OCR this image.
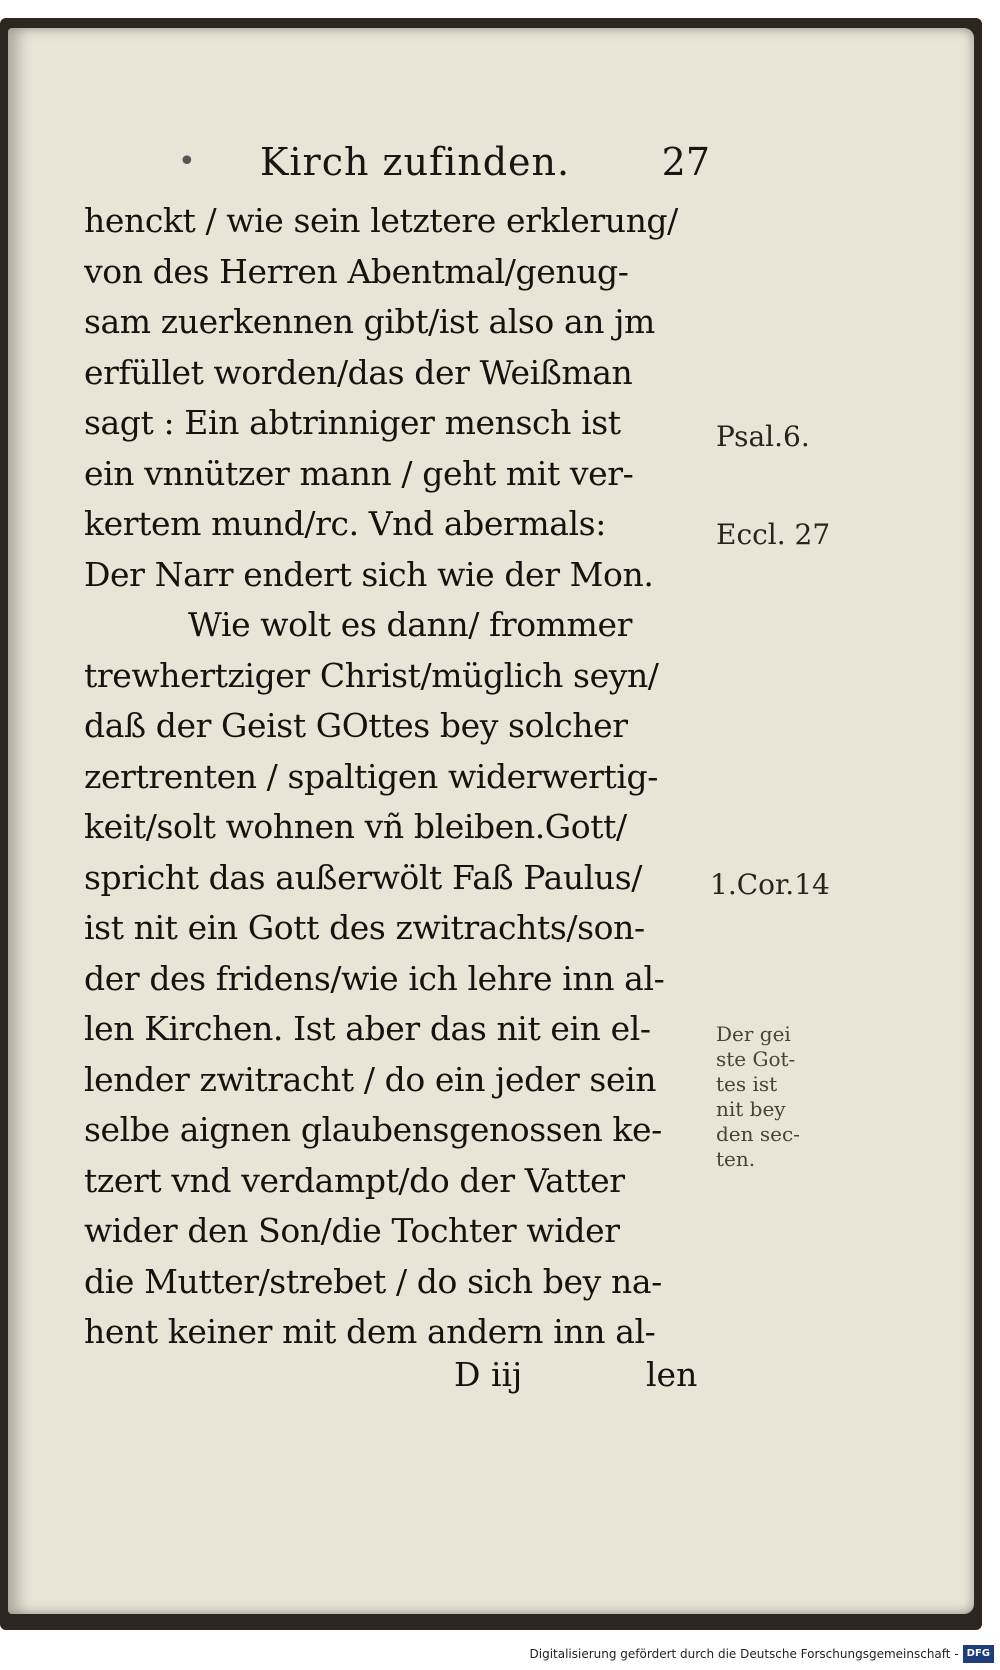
• Kirch zufinden. 27
henckt / wie sein letztere erklerung/
von des Herren Abentmal/genug-
sam zuerkennen gibt/ist also an jm
erfüllet worden/das der Weißman
sagt : Ein abtrinniger mensch ist
ein vnnützer mann / geht mit ver-
kertem mund/rc. Vnd abermals:
Der Narr endert sich wie der Mon.
Wie wolt es dann/ frommer
trewhertziger Christ/müglich seyn/
daß der Geist GOttes bey solcher
zertrenten / spaltigen widerwertig-
keit/solt wohnen vñ bleiben.Gott/
spricht das außerwölt Faß Paulus/
ist nit ein Gott des zwitrachts/son-
der des fridens/wie ich lehre inn al-
len Kirchen. Ist aber das nit ein el-
lender zwitracht / do ein jeder sein
selbe aignen glaubensgenossen ke-
tzert vnd verdampt/do der Vatter
wider den Son/die Tochter wider
die Mutter/strebet / do sich bey na-
hent keiner mit dem andern inn al-
Psal.6.
Eccl. 27
1.Cor.14
Der gei
ste Got-
tes ist
nit bey
den sec-
ten.
D iij	len
Digitalisierung gefördert durch die Deutsche Forschungsgemeinschaft - DFG
